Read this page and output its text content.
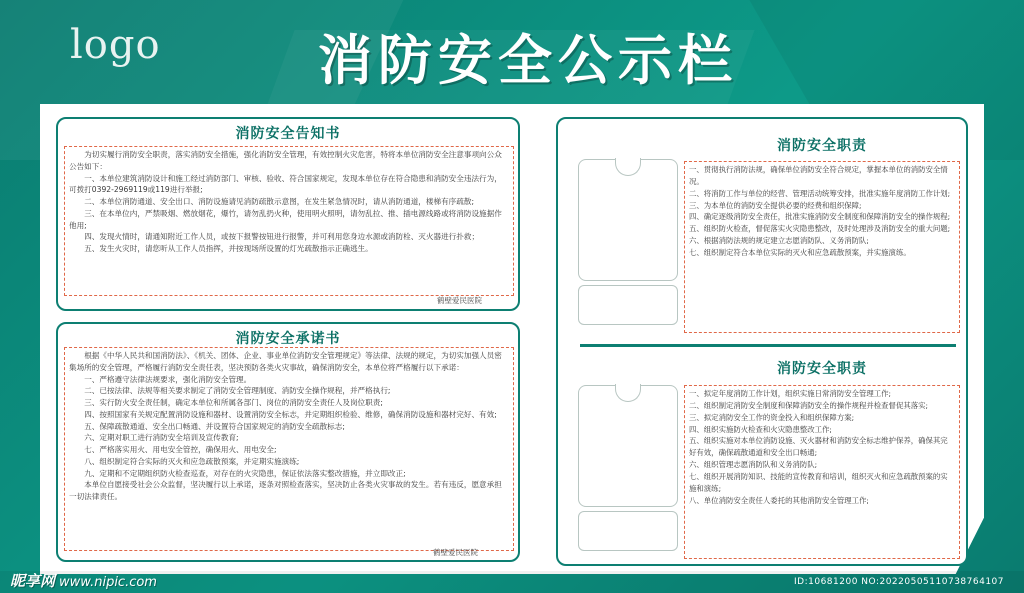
logo	消防安全公示栏
消防安全告知书

为切实履行消防安全职责，落实消防安全措施，强化消防安全管理，有效控制火灾危害，特将本单位消防安全注意事项向公众公告如下：

一、本单位建筑消防设计和施工经过消防部门、审核、验收、符合国家规定，发现本单位存在符合隐患和消防安全违法行为，可拨打0392-2969119或119进行举报;

二、本单位消防通道、安全出口、消防设施请见消防疏散示意图，在发生紧急情况时，请从消防通道，楼梯有序疏散;

三、在本单位内，严禁吸烟、燃放烟花，爆竹，请勿乱扔火种，使用明火照明，请勿乱拉、推、插电源线路或将消防设施据作他用;

四、发现火情时，请通知附近工作人员，或按下报警按钮进行报警，并可利用您身边水源或消防栓、灭火器进行扑救；

五、发生火灾时，请您听从工作人员指挥，并按现场所设置的灯光疏散指示正确逃生。

鹤壁爱民医院
消防安全承诺书

根据《中华人民共和国消防法》、《机关、团体、企业、事业单位消防安全管理规定》等法律、法规的规定，为切实加强人员密集场所的安全管理，严格履行消防安全责任表，坚决预防各类火灾事故，确保消防安全，本单位将严格履行以下承诺：

一、严格遵守法律法规要求，强化消防安全管理。

二、已按法律、法规等相关要求制定了消防安全管理制度、消防安全操作规程，并严格执行;

三、实行防火安全责任制，确定本单位和所属各部门、岗位的消防安全责任人及岗位职责;

四、按照国家有关规定配置消防设施和器材、设置消防安全标志，并定期组织检验、维修，确保消防设施和器材完好、有效;

五、保障疏散通道、安全出口畅通、并设置符合国家规定的消防安全疏散标志;

六、定期对职工进行消防安全培训及宣传教育;

七、严格落实用火、用电安全管控，确保用火、用电安全;

八、组织制定符合实际的灭火和应急疏散预案，并定期实施演练;

九、定期和不定期组织防火检查巡查，对存在的火灾隐患，保证依法落实整改措施，并立即改正;

本单位自愿接受社会公众监督，坚决履行以上承诺，逐条对照检查落实，坚决防止各类火灾事故的发生。若有违反，愿意承担一切法律责任。

鹤壁爱民医院
消防安全职责

一、贯彻执行消防法规，确保单位消防安全符合规定，掌握本单位的消防安全情况。

二、将消防工作与单位的经营、管理活动统筹安排，批准实施年度消防工作计划;

三、为本单位的消防安全提供必要的经费和组织保障;

四、确定逐级消防安全责任，批准实施消防安全制度和保障消防安全的操作规程;

五、组织防火检查，督促落实火灾隐患整改，及时处理涉及消防安全的重大问题;

六、根据消防法规的规定建立志愿消防队、义务消防队;

七、组织制定符合本单位实际的灭火和应急疏散预案，并实施演练。

消防安全职责

一、拟定年度消防工作计划，组织实施日常消防安全管理工作;

二、组织制定消防安全制度和保障消防安全的操作规程并检查督促其落实;

三、拟定消防安全工作的资金投入和组织保障方案;

四、组织实施防火检查和火灾隐患整改工作;

五、组织实施对本单位消防设施、灭火器材和消防安全标志维护保养，确保其完好有效，确保疏散通道和安全出口畅通;

六、组织管理志愿消防队和义务消防队;

七、组织开展消防知识、技能的宣传教育和培训，组织灭火和应急疏散预案的实施和演练;

八、单位消防安全责任人委托的其他消防安全管理工作;

昵享网 www.nipic.com	ID:10681200 NO:20220505110738764107
